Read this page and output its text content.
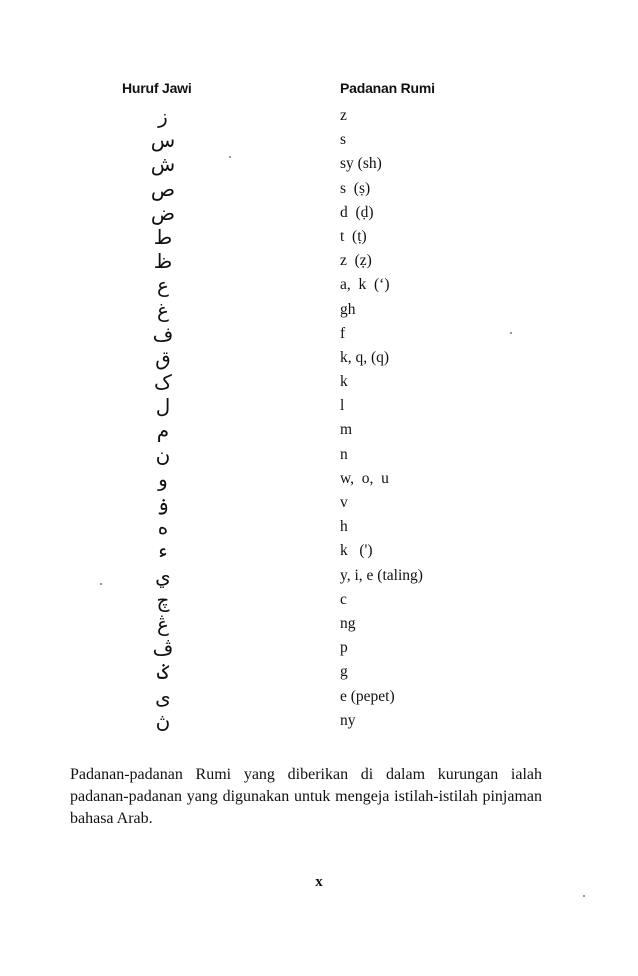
Huruf Jawi	Padanan Rumi
ز	z
س	s
ش	sy (sh)
ص	s  (ṣ)
ض	d  (ḍ)
ط	t  (ṭ)
ظ	z  (ẓ)
ع	a,  k  (‘)
غ	gh
ف	f
ق	k, q, (q)
ک	k
ل	l
م	m
ن	n
و	w,  o,  u
ۏ	v
ه	h
ء	k   (')
ي	y, i, e (taling)
چ	c
ڠ	ng
ڤ	p
ݢ	g
ى	e (pepet)
ڽ	ny

Padanan-padanan Rumi yang diberikan di dalam kurungan ialah padanan-padanan yang digunakan untuk mengeja istilah-istilah pinjaman bahasa Arab.

x
